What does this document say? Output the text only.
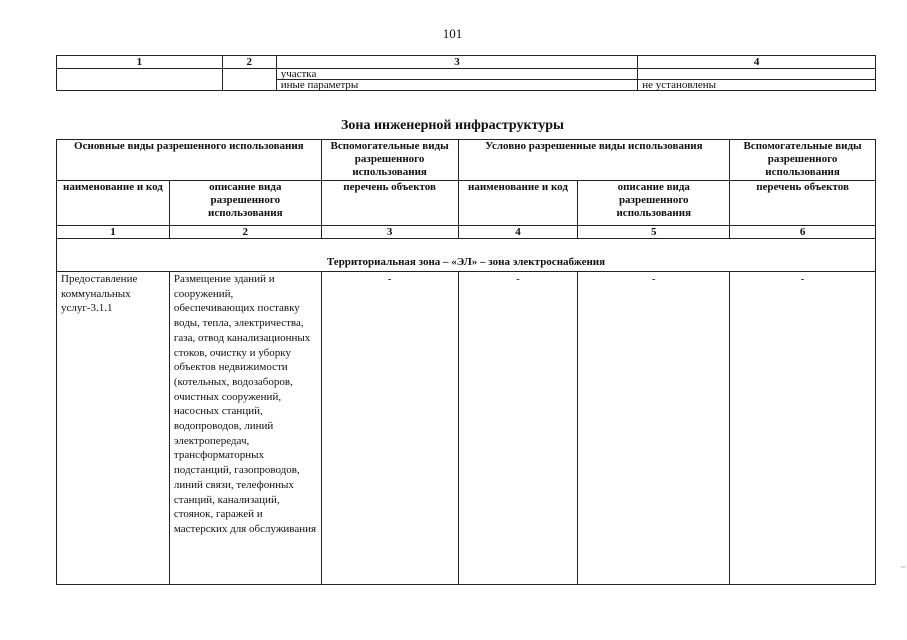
101
1	2	3	4
		участка	
		иные параметры	не установлены
Зона инженерной инфраструктуры
Основные виды разрешенного использования		Вспомогательные виды разрешенного использования	Условно разрешенные виды использования		Вспомогательные виды разрешенного использования
наименование и код	описание вида разрешенного использования	перечень объектов	наименование и код	описание вида разрешенного использования	перечень объектов
1	2	3	4	5	6
Территориальная зона – «ЭЛ» – зона электроснабжения					
Предоставление коммунальных услуг-3.1.1	Размещение зданий и сооружений, обеспечивающих поставку воды, тепла, электричества, газа, отвод канализационных стоков, очистку и уборку объектов недвижимости (котельных, водозаборов, очистных сооружений, насосных станций, водопроводов, линий электропередач, трансформаторных подстанций, газопроводов, линий связи, телефонных станций, канализаций, стоянок, гаражей и мастерских для обслуживания	-	-	-	-
⁞
